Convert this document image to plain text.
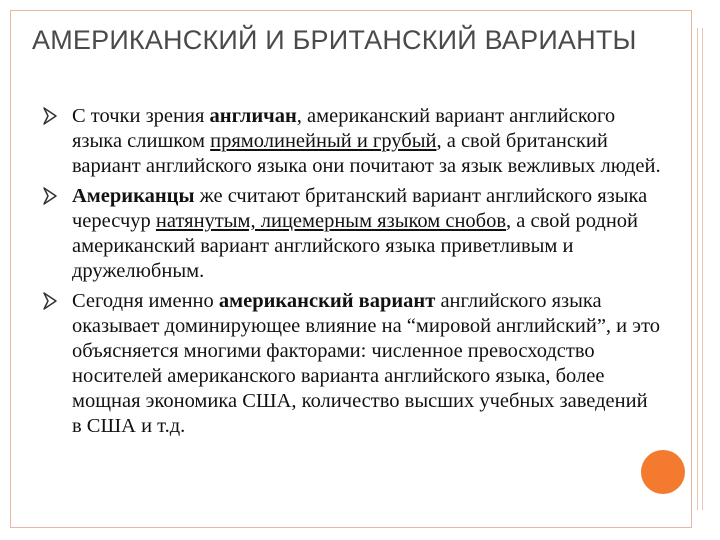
АМЕРИКАНСКИЙ И БРИТАНСКИЙ ВАРИАНТЫ
С точки зрения англичан, американский вариант английского языка слишком прямолинейный и грубый, а свой британский вариант английского языка они почитают за язык вежливых людей.
Американцы же считают британский вариант английского языка чересчур натянутым, лицемерным языком снобов, а свой родной американский вариант английского языка приветливым и дружелюбным.
Сегодня именно американский вариант английского языка оказывает доминирующее влияние на “мировой английский”, и это объясняется многими факторами: численное превосходство носителей американского варианта английского языка, более мощная экономика США, количество высших учебных заведений в США и т.д.
